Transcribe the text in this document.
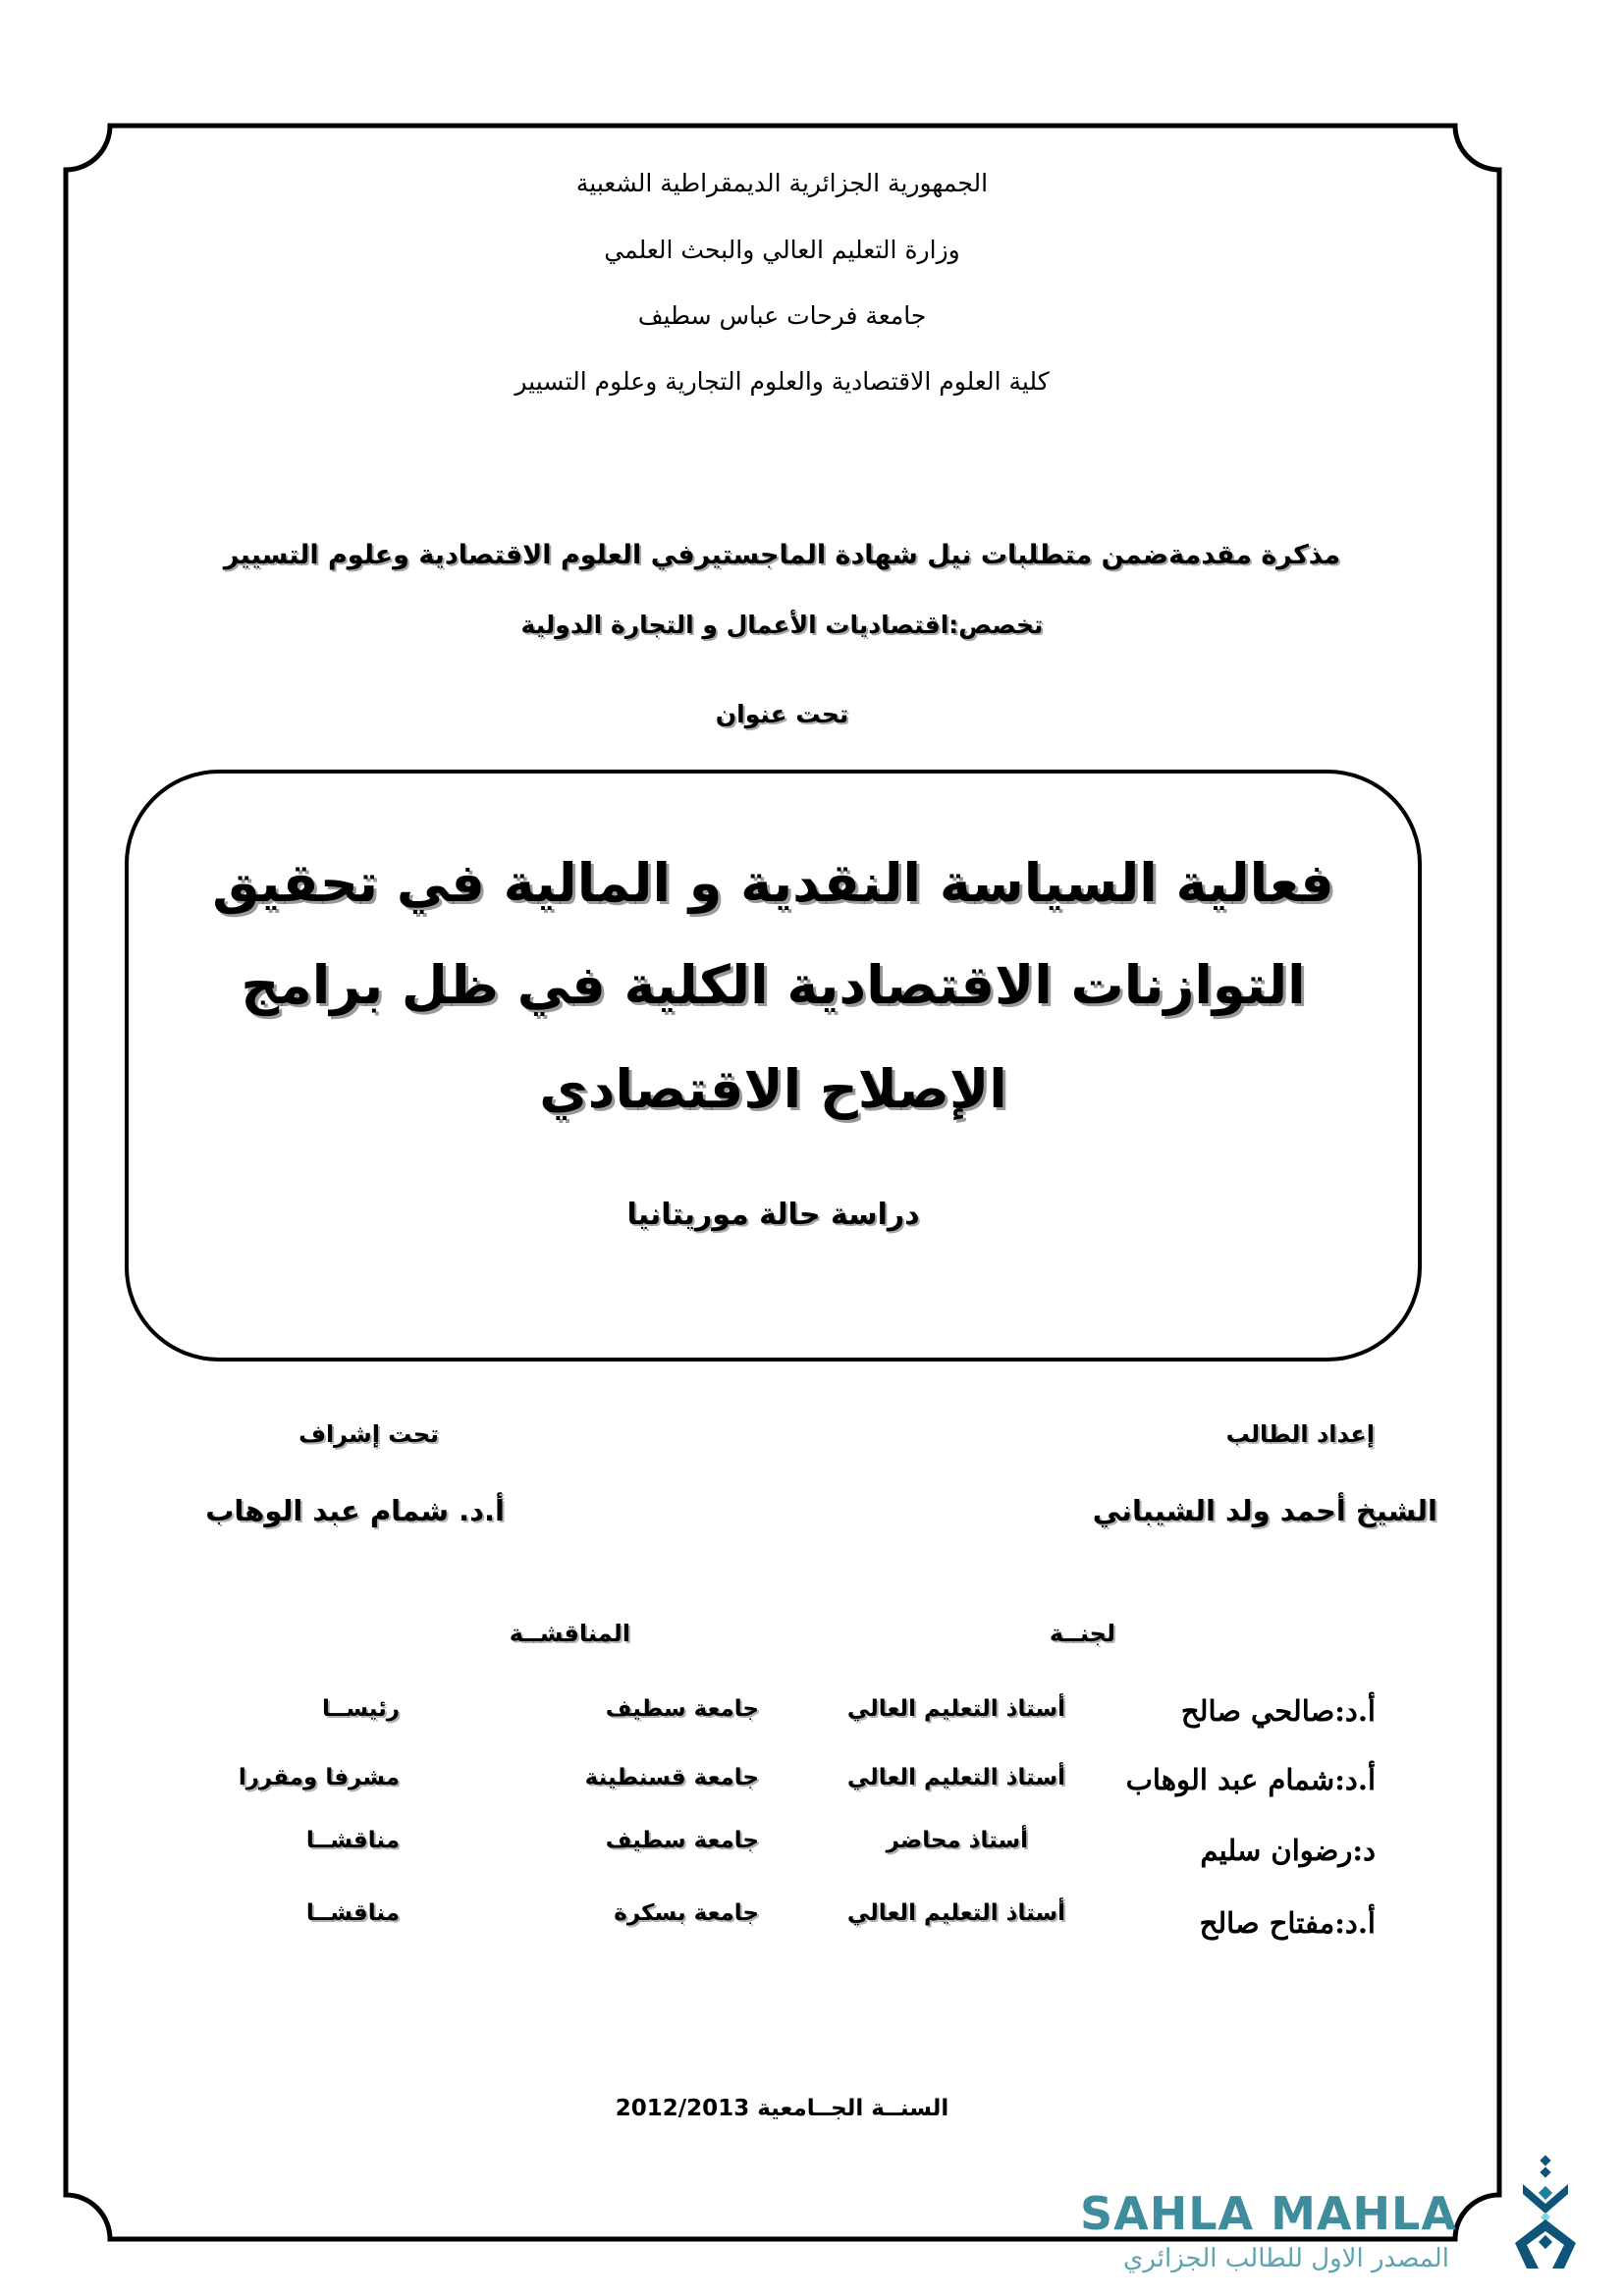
الجمهورية الجزائرية الديمقراطية الشعبية
وزارة التعليم العالي والبحث العلمي
جامعة فرحات عباس سطيف
كلية العلوم الاقتصادية والعلوم التجارية وعلوم التسيير
مذكرة مقدمةضمن متطلبات نيل شهادة الماجستيرفي العلوم الاقتصادية وعلوم التسيير
تخصص:اقتصاديات الأعمال و التجارة الدولية
تحت عنوان
فعالية السياسة النقدية و المالية في تحقيق
التوازنات الاقتصادية الكلية في ظل برامج
الإصلاح الاقتصادي
دراسة حالة موريتانيا
إعداد الطالب
الشيخ أحمد ولد الشيباني
تحت إشراف
أ.د. شمام عبد الوهاب
لجنــة
المناقشــة
أ.د:صالحي صالح
أستاذ التعليم العالي
جامعة سطيف
رئيســا
أ.د:شمام عبد الوهاب
أستاذ التعليم العالي
جامعة قسنطينة
مشرفا ومقررا
د:رضوان سليم
أستاذ محاضر
جامعة سطيف
مناقشــا
أ.د:مفتاح صالح
أستاذ التعليم العالي
جامعة بسكرة
مناقشــا
السنــة الجــامعية 2012/2013
SAHLA MAHLA
المصدر الاول للطالب الجزائري
